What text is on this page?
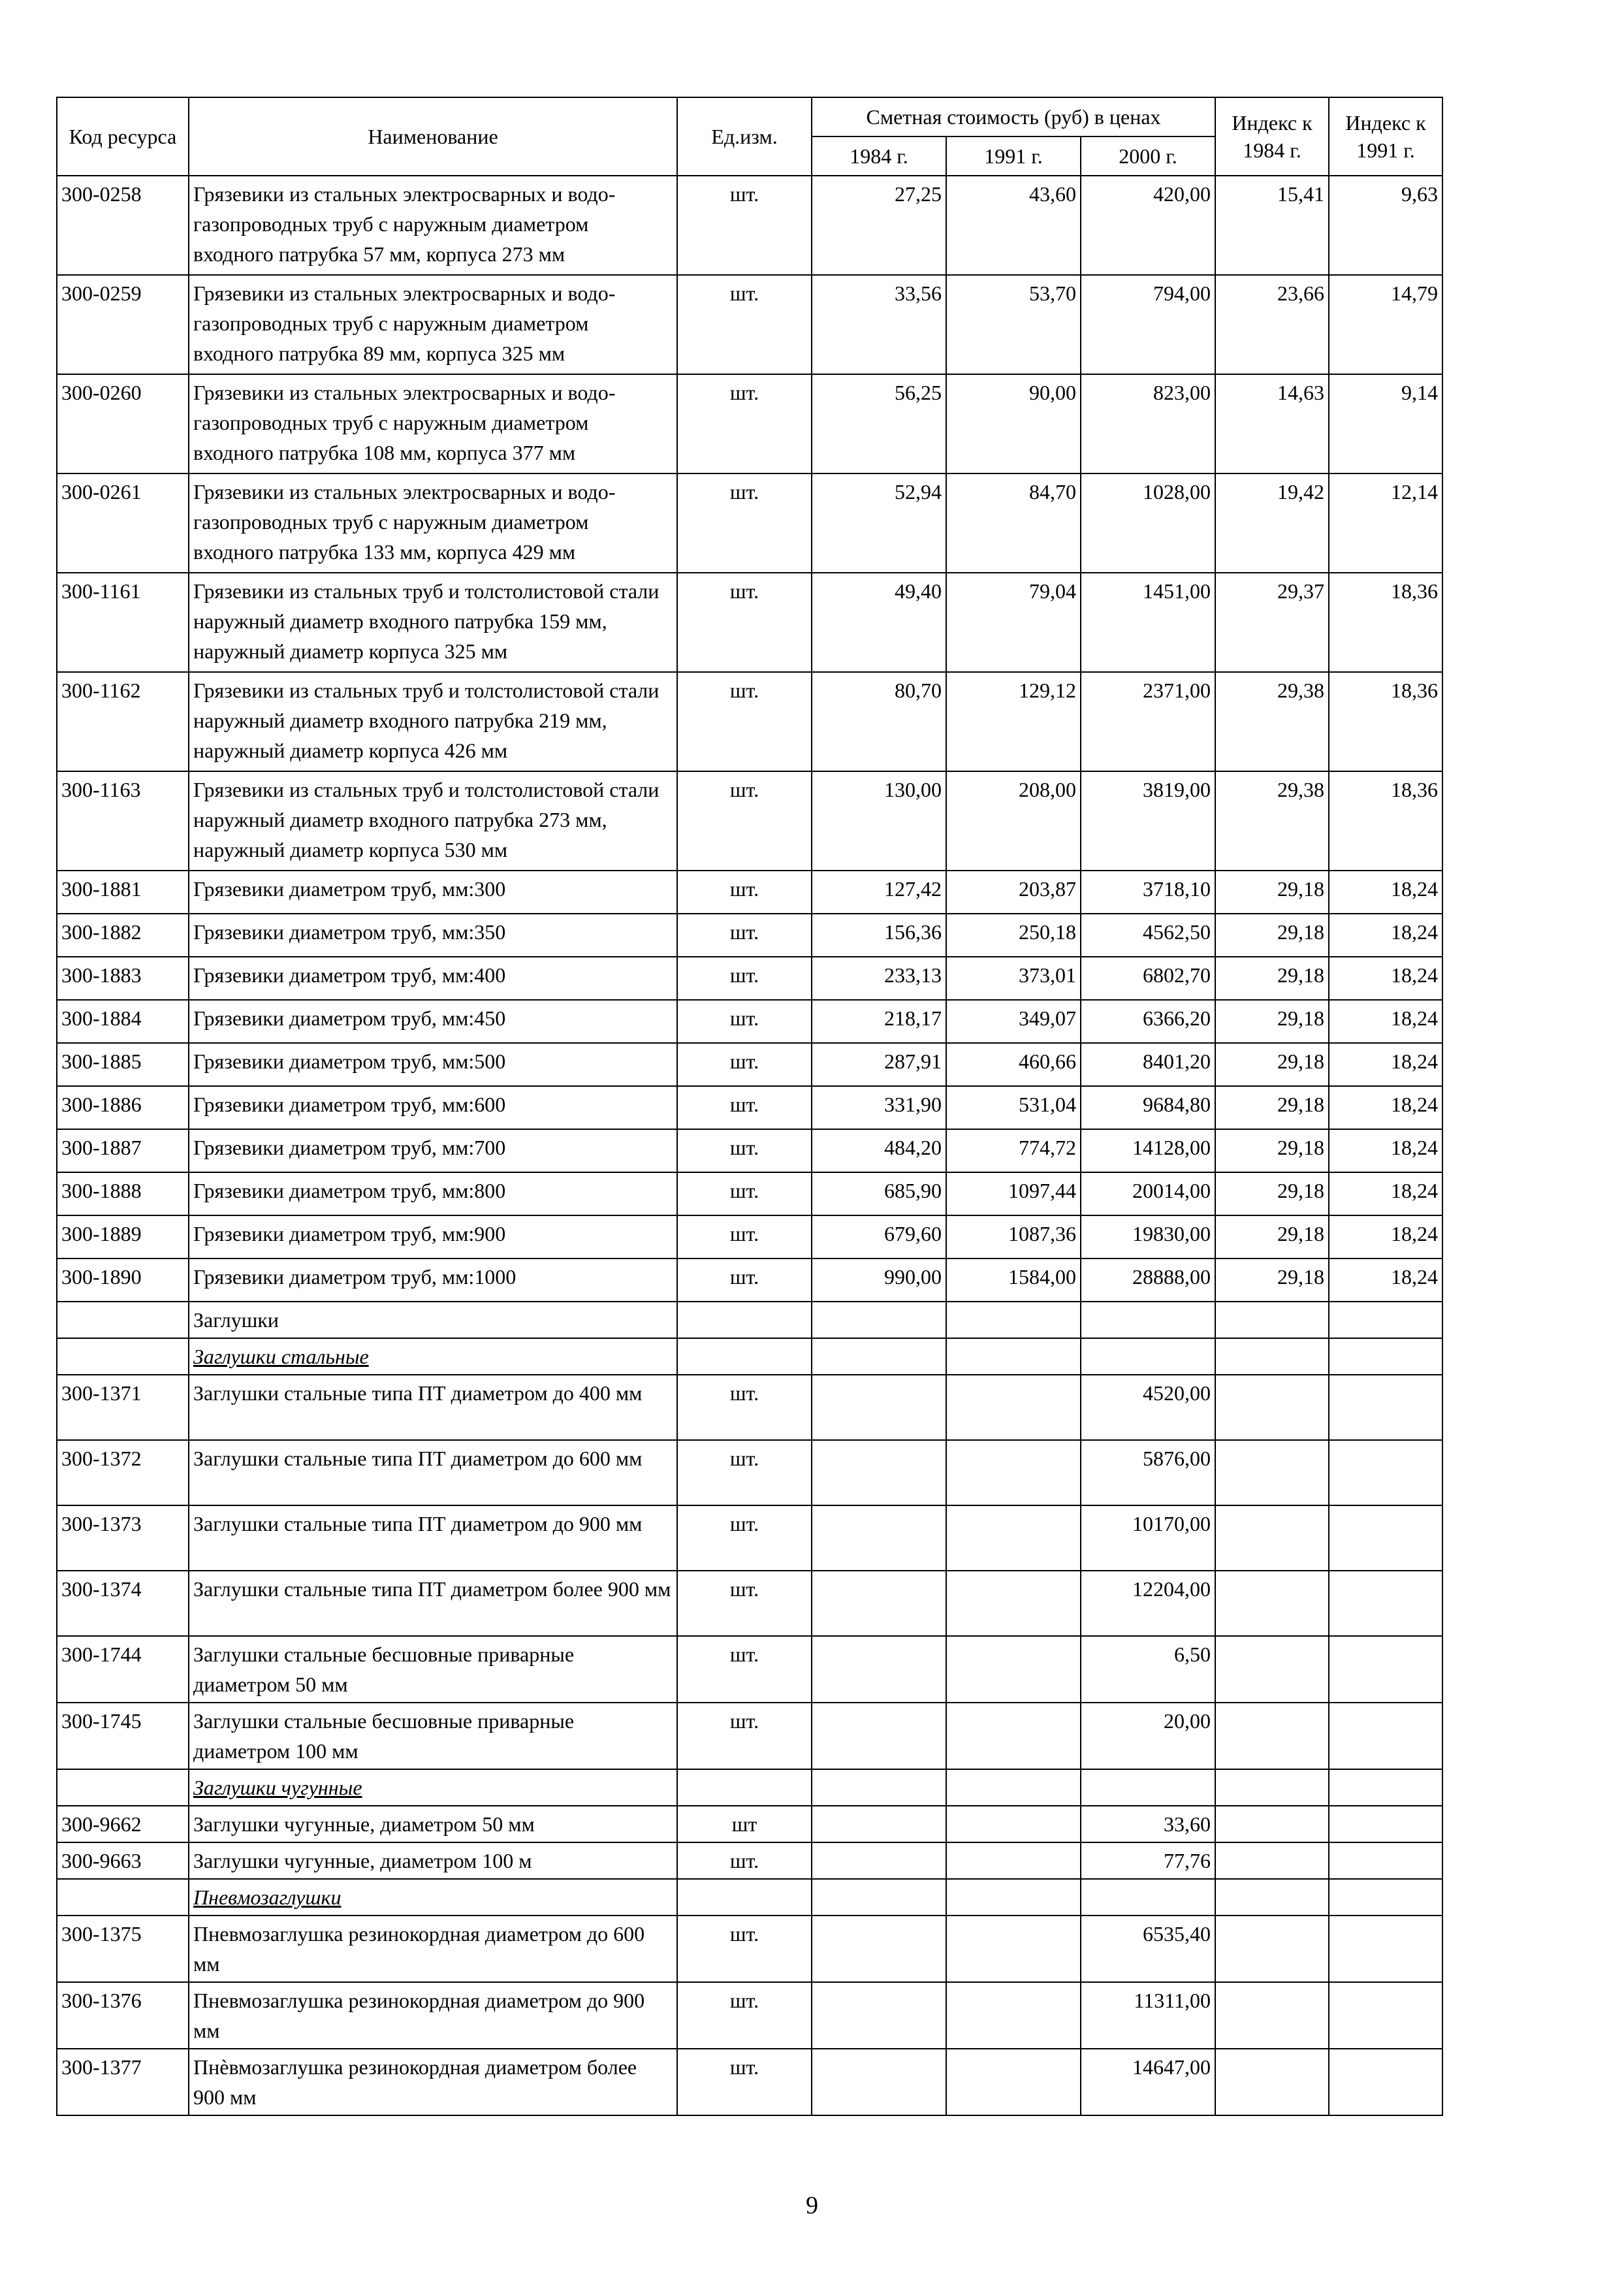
Код ресурса	Наименование	Ед.изм.	Сметная стоимость (руб) в ценах			Индекс к 1984 г.	Индекс к 1991 г.
			1984 г.	1991 г.	2000 г.		
300-0258	Грязевики из стальных электросварных и водо-газопроводных труб с наружным диаметром входного патрубка 57 мм, корпуса 273 мм	шт.	27,25	43,60	420,00	15,41	9,63
300-0259	Грязевики из стальных электросварных и водо-газопроводных труб с наружным диаметром входного патрубка 89 мм, корпуса 325 мм	шт.	33,56	53,70	794,00	23,66	14,79
300-0260	Грязевики из стальных электросварных и водо-газопроводных труб с наружным диаметром входного патрубка 108 мм, корпуса 377 мм	шт.	56,25	90,00	823,00	14,63	9,14
300-0261	Грязевики из стальных электросварных и водо-газопроводных труб с наружным диаметром входного патрубка 133 мм, корпуса 429 мм	шт.	52,94	84,70	1028,00	19,42	12,14
300-1161	Грязевики из стальных труб и толстолистовой стали наружный диаметр входного патрубка 159 мм, наружный диаметр корпуса 325 мм	шт.	49,40	79,04	1451,00	29,37	18,36
300-1162	Грязевики из стальных труб и толстолистовой стали наружный диаметр входного патрубка 219 мм, наружный диаметр корпуса 426 мм	шт.	80,70	129,12	2371,00	29,38	18,36
300-1163	Грязевики из стальных труб и толстолистовой стали наружный диаметр входного патрубка 273 мм, наружный диаметр корпуса 530 мм	шт.	130,00	208,00	3819,00	29,38	18,36
300-1881	Грязевики диаметром труб, мм:300	шт.	127,42	203,87	3718,10	29,18	18,24
300-1882	Грязевики диаметром труб, мм:350	шт.	156,36	250,18	4562,50	29,18	18,24
300-1883	Грязевики диаметром труб, мм:400	шт.	233,13	373,01	6802,70	29,18	18,24
300-1884	Грязевики диаметром труб, мм:450	шт.	218,17	349,07	6366,20	29,18	18,24
300-1885	Грязевики диаметром труб, мм:500	шт.	287,91	460,66	8401,20	29,18	18,24
300-1886	Грязевики диаметром труб, мм:600	шт.	331,90	531,04	9684,80	29,18	18,24
300-1887	Грязевики диаметром труб, мм:700	шт.	484,20	774,72	14128,00	29,18	18,24
300-1888	Грязевики диаметром труб, мм:800	шт.	685,90	1097,44	20014,00	29,18	18,24
300-1889	Грязевики диаметром труб, мм:900	шт.	679,60	1087,36	19830,00	29,18	18,24
300-1890	Грязевики диаметром труб, мм:1000	шт.	990,00	1584,00	28888,00	29,18	18,24
	Заглушки						
	Заглушки стальные						
300-1371	Заглушки стальные типа ПТ диаметром до 400 мм	шт.			4520,00		
300-1372	Заглушки стальные типа ПТ диаметром до 600 мм	шт.			5876,00		
300-1373	Заглушки стальные типа ПТ диаметром до 900 мм	шт.			10170,00		
300-1374	Заглушки стальные типа ПТ диаметром более 900 мм	шт.			12204,00		
300-1744	Заглушки стальные бесшовные приварные диаметром 50 мм	шт.			6,50		
300-1745	Заглушки стальные бесшовные приварные диаметром 100 мм	шт.			20,00		
	Заглушки чугунные						
300-9662	Заглушки чугунные, диаметром 50 мм	шт			33,60		
300-9663	Заглушки чугунные, диаметром 100 м	шт.			77,76		
	Пневмозаглушки						
300-1375	Пневмозаглушка резинокордная диаметром до 600 мм	шт.			6535,40		
300-1376	Пневмозаглушка резинокордная диаметром до 900 мм	шт.			11311,00		
300-1377	Пнѐвмозаглушка резинокордная диаметром более 900 мм	шт.			14647,00		
9
